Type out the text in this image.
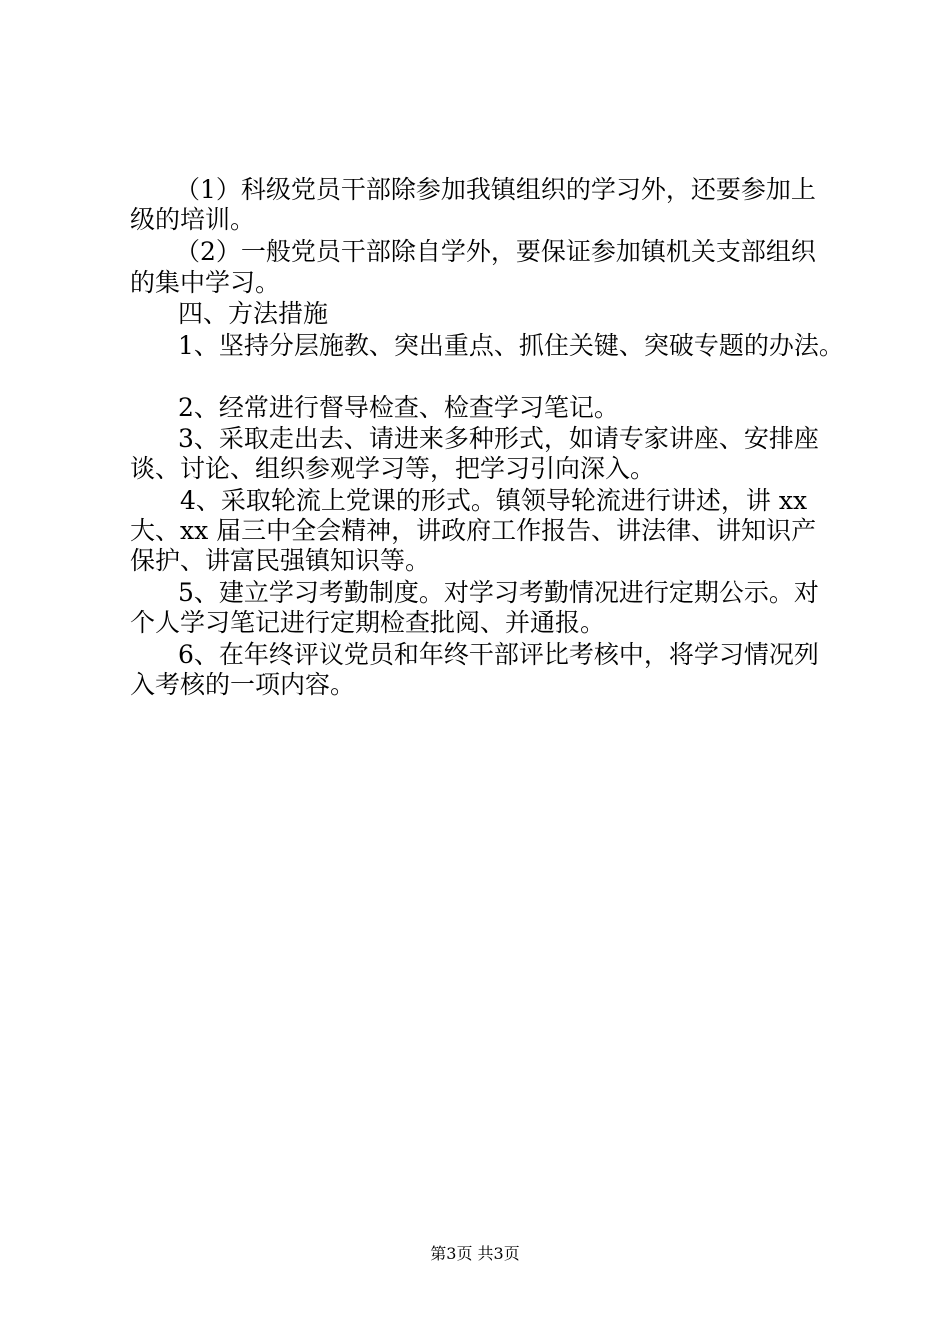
（1）科级党员干部除参加我镇组织的学习外，还要参加上
级的培训。
（2）一般党员干部除自学外，要保证参加镇机关支部组织
的集中学习。
四、方法措施
1、坚持分层施教、突出重点、抓住关键、突破专题的办法。
2、经常进行督导检查、检查学习笔记。
3、采取走出去、请进来多种形式，如请专家讲座、安排座
谈、讨论、组织参观学习等，把学习引向深入。
4、采取轮流上党课的形式。镇领导轮流进行讲述，讲 xx
大、xx 届三中全会精神，讲政府工作报告、讲法律、讲知识产
保护、讲富民强镇知识等。
5、建立学习考勤制度。对学习考勤情况进行定期公示。对
个人学习笔记进行定期检查批阅、并通报。
6、在年终评议党员和年终干部评比考核中，将学习情况列
入考核的一项内容。
第3页 共3页
